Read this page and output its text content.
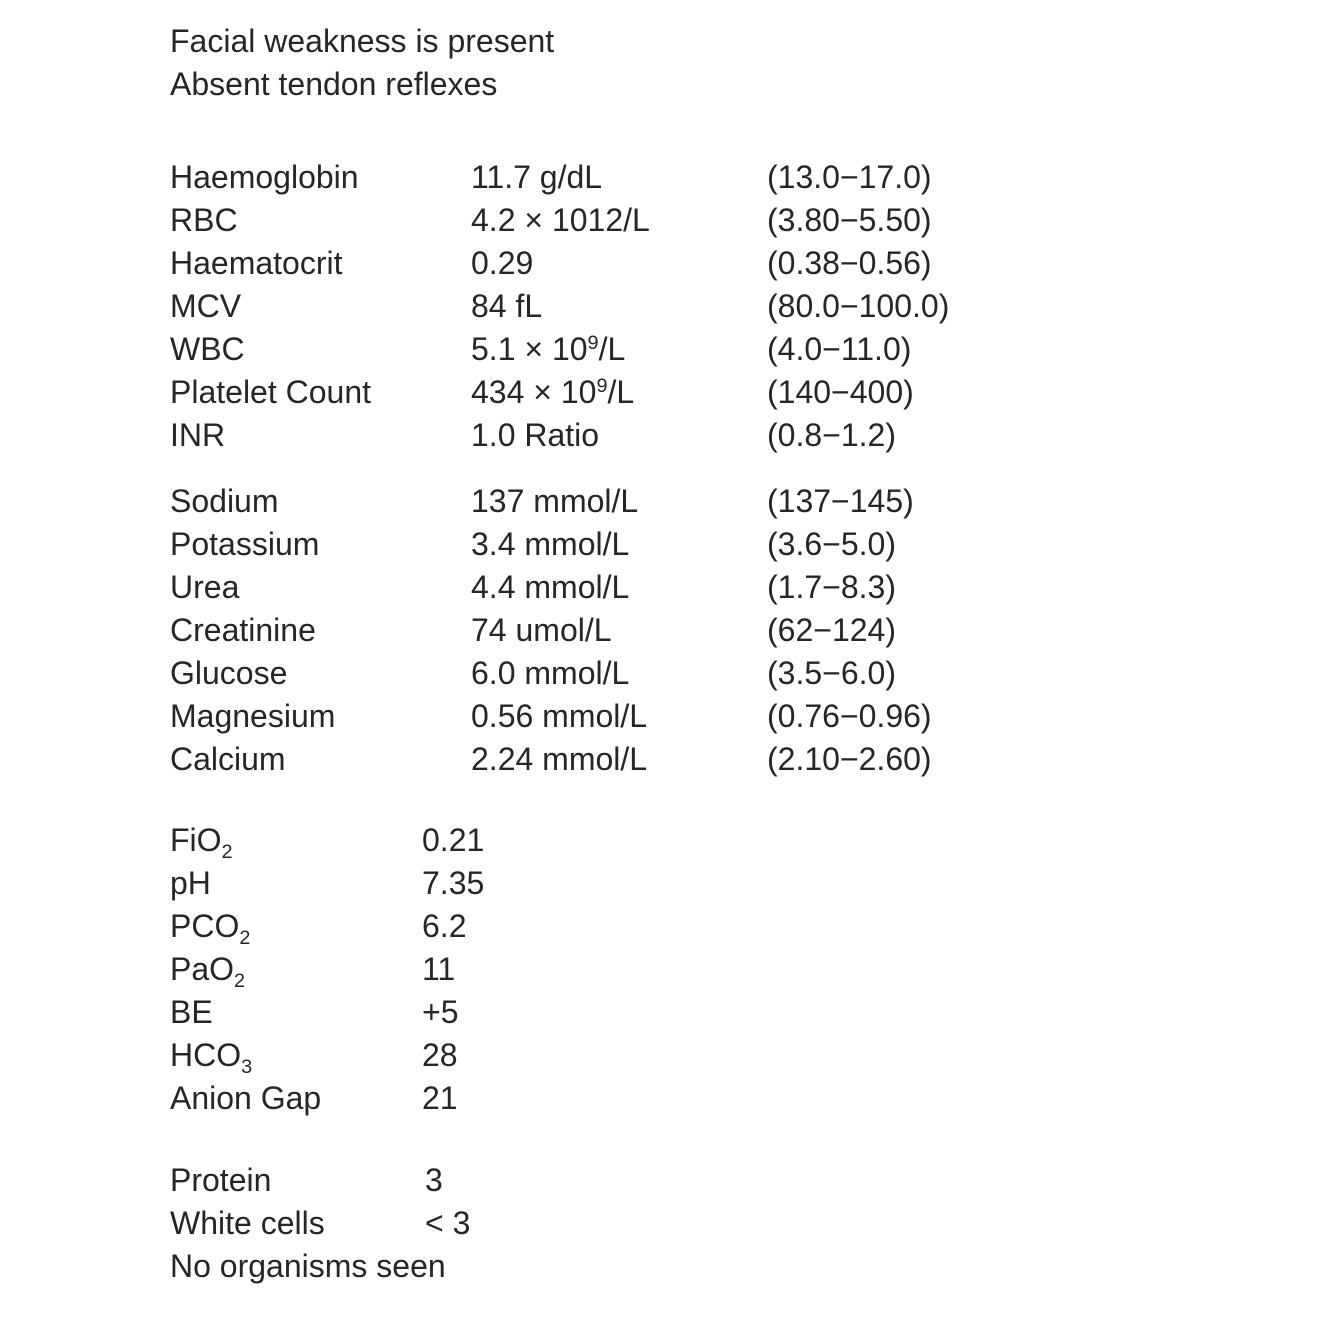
Facial weakness is present
Absent tendon reflexes
Haemoglobin	11.7 g/dL	(13.0−17.0)
RBC	4.2 × 1012/L	(3.80−5.50)
Haematocrit	0.29	(0.38−0.56)
MCV	84 fL	(80.0−100.0)
WBC	$5.1 \times 10^9/L$	(4.0−11.0)
Platelet Count	$434 \times 10^9/L$	(140−400)
INR	1.0 Ratio	(0.8−1.2)
Sodium	137 mmol/L	(137−145)
Potassium	3.4 mmol/L	(3.6−5.0)
Urea	4.4 mmol/L	(1.7−8.3)
Creatinine	74 umol/L	(62−124)
Glucose	6.0 mmol/L	(3.5−6.0)
Magnesium	0.56 mmol/L	(0.76−0.96)
Calcium	2.24 mmol/L	(2.10−2.60)
FiO$_2$	0.21
pH	7.35
$PCO_2$	6.2
PaO$_2$	11
BE	+5
$HCO_3$	28
Anion Gap	21
Protein	3
White cells	< 3
No organisms seen
